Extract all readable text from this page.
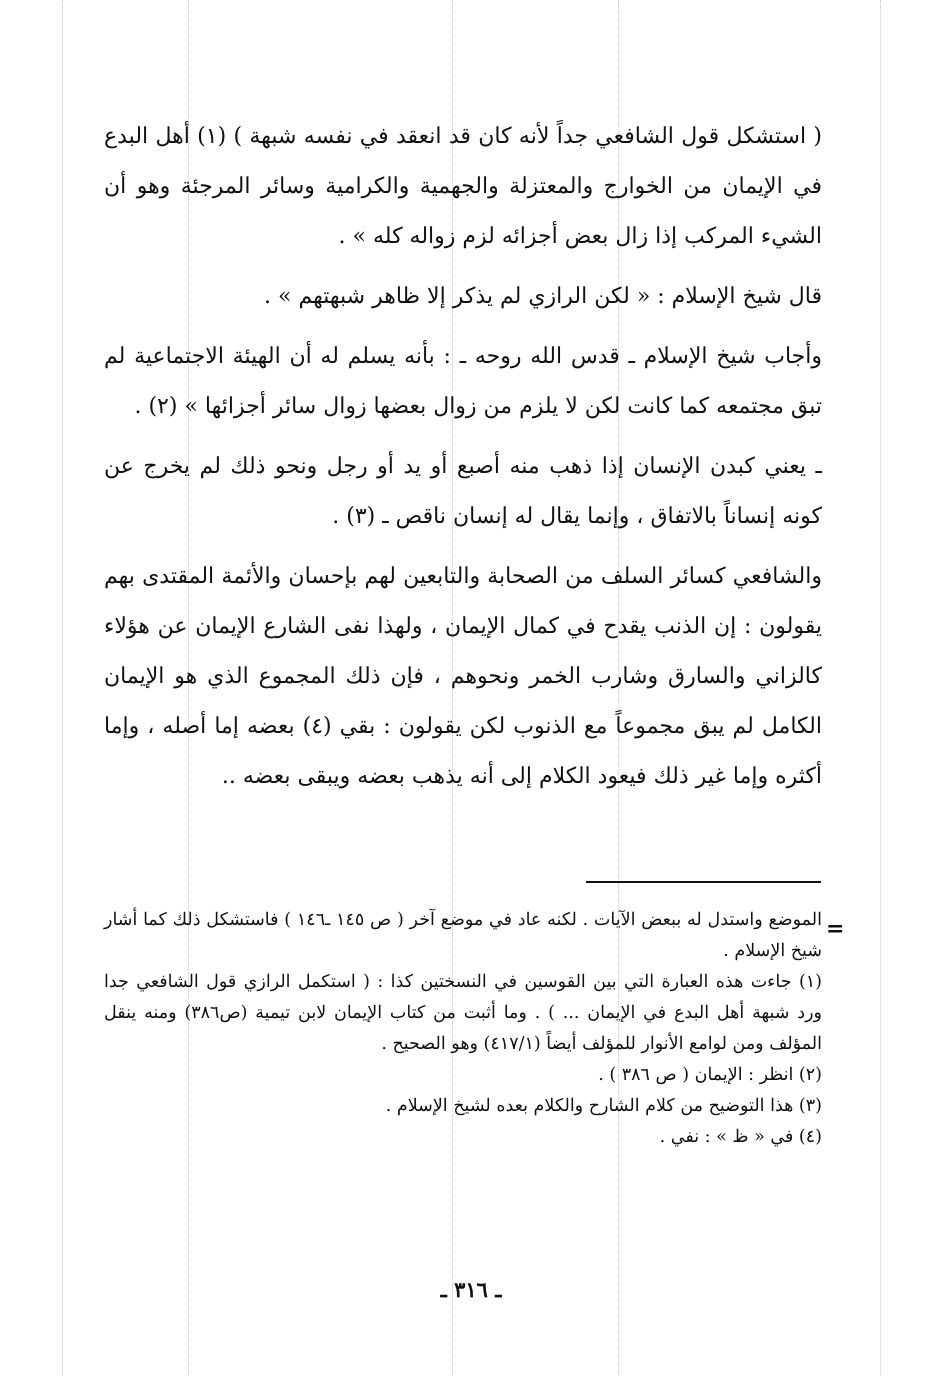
( استشكل قول الشافعي جداً لأنه كان قد انعقد في نفسه شبهة ) (١) أهل البدع في الإيمان من الخوارج والمعتزلة والجهمية والكرامية وسائر المرجئة وهو أن الشيء المركب إذا زال بعض أجزائه لزم زواله كله » .

قال شيخ الإسلام : « لكن الرازي لم يذكر إلا ظاهر شبهتهم » .

وأجاب شيخ الإسلام ـ قدس الله روحه ـ : بأنه يسلم له أن الهيئة الاجتماعية لم تبق مجتمعه كما كانت لكن لا يلزم من زوال بعضها زوال سائر أجزائها » (٢) .

ـ يعني كبدن الإنسان إذا ذهب منه أصبع أو يد أو رجل ونحو ذلك لم يخرج عن كونه إنساناً بالاتفاق ، وإنما يقال له إنسان ناقص ـ (٣) .

والشافعي كسائر السلف من الصحابة والتابعين لهم بإحسان والأئمة المقتدى بهم يقولون : إن الذنب يقدح في كمال الإيمان ، ولهذا نفى الشارع الإيمان عن هؤلاء كالزاني والسارق وشارب الخمر ونحوهم ، فإن ذلك المجموع الذي هو الإيمان الكامل لم يبق مجموعاً مع الذنوب لكن يقولون : بقي (٤) بعضه إما أصله ، وإما أكثره وإما غير ذلك فيعود الكلام إلى أنه يذهب بعضه ويبقى بعضه ..

=

الموضع واستدل له ببعض الآيات . لكنه عاد في موضع آخر ( ص ١٤٥ ـ١٤٦ ) فاستشكل ذلك كما أشار شيخ الإسلام .

(١) جاءت هذه العبارة التي بين القوسين في النسختين كذا : ( استكمل الرازي قول الشافعي جدا ورد شبهة أهل البدع في الإيمان ... ) . وما أثبت من كتاب الإيمان لابن تيمية (ص٣٨٦) ومنه ينقل المؤلف ومن لوامع الأنوار للمؤلف أيضاً (٤١٧/١) وهو الصحيح .

(٢) انظر : الإيمان ( ص ٣٨٦ ) .

(٣) هذا التوضيح من كلام الشارح والكلام بعده لشيخ الإسلام .

(٤) في « ظ » : نفي .

ـ ٣١٦ ـ
